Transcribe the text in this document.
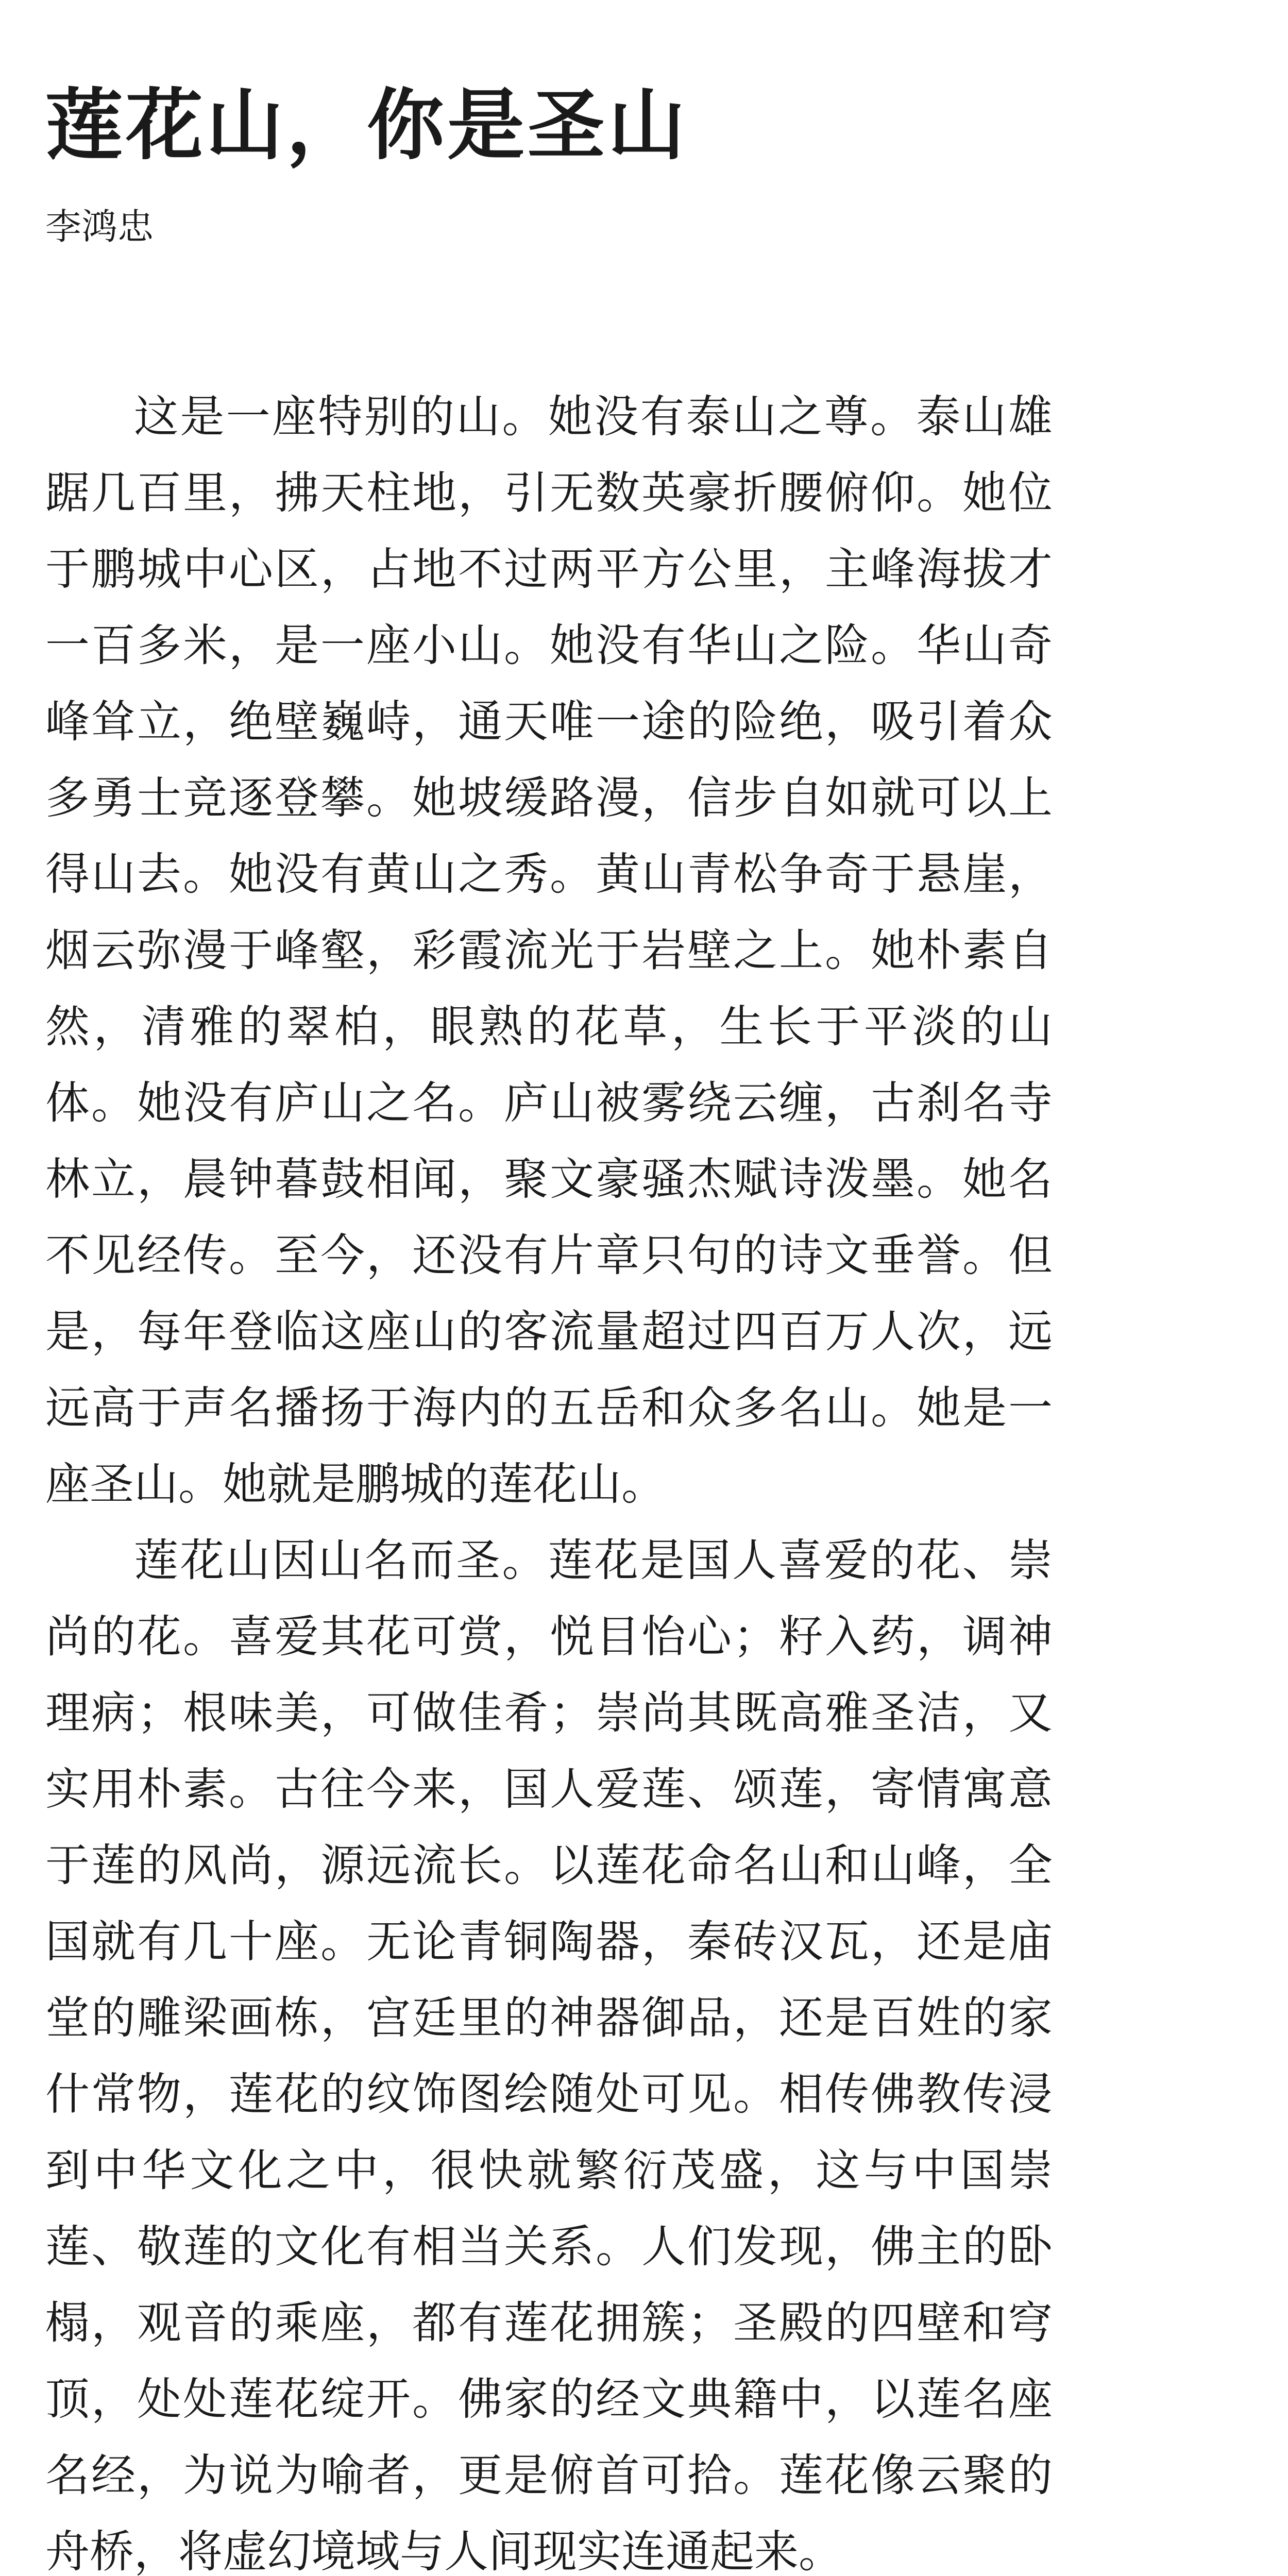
莲花山，你是圣山
李鸿忠

这是一座特别的山。她没有泰山之尊。泰山雄踞几百里，拂天柱地，引无数英豪折腰俯仰。她位于鹏城中心区，占地不过两平方公里，主峰海拔才一百多米，是一座小山。她没有华山之险。华山奇峰耸立，绝壁巍峙，通天唯一途的险绝，吸引着众多勇士竞逐登攀。她坡缓路漫，信步自如就可以上得山去。她没有黄山之秀。黄山青松争奇于悬崖，烟云弥漫于峰壑，彩霞流光于岩壁之上。她朴素自然，清雅的翠柏，眼熟的花草，生长于平淡的山体。她没有庐山之名。庐山被雾绕云缠，古刹名寺林立，晨钟暮鼓相闻，聚文豪骚杰赋诗泼墨。她名不见经传。至今，还没有片章只句的诗文垂誉。但是，每年登临这座山的客流量超过四百万人次，远远高于声名播扬于海内的五岳和众多名山。她是一座圣山。她就是鹏城的莲花山。

莲花山因山名而圣。莲花是国人喜爱的花、崇尚的花。喜爱其花可赏，悦目怡心；籽入药，调神理病；根味美，可做佳肴；崇尚其既高雅圣洁，又实用朴素。古往今来，国人爱莲、颂莲，寄情寓意于莲的风尚，源远流长。以莲花命名山和山峰，全国就有几十座。无论青铜陶器，秦砖汉瓦，还是庙堂的雕梁画栋，宫廷里的神器御品，还是百姓的家什常物，莲花的纹饰图绘随处可见。相传佛教传浸到中华文化之中，很快就繁衍茂盛，这与中国崇莲、敬莲的文化有相当关系。人们发现，佛主的卧榻，观音的乘座，都有莲花拥簇；圣殿的四壁和穹顶，处处莲花绽开。佛家的经文典籍中，以莲名座名经，为说为喻者，更是俯首可拾。莲花像云聚的舟桥，将虚幻境域与人间现实连通起来。
